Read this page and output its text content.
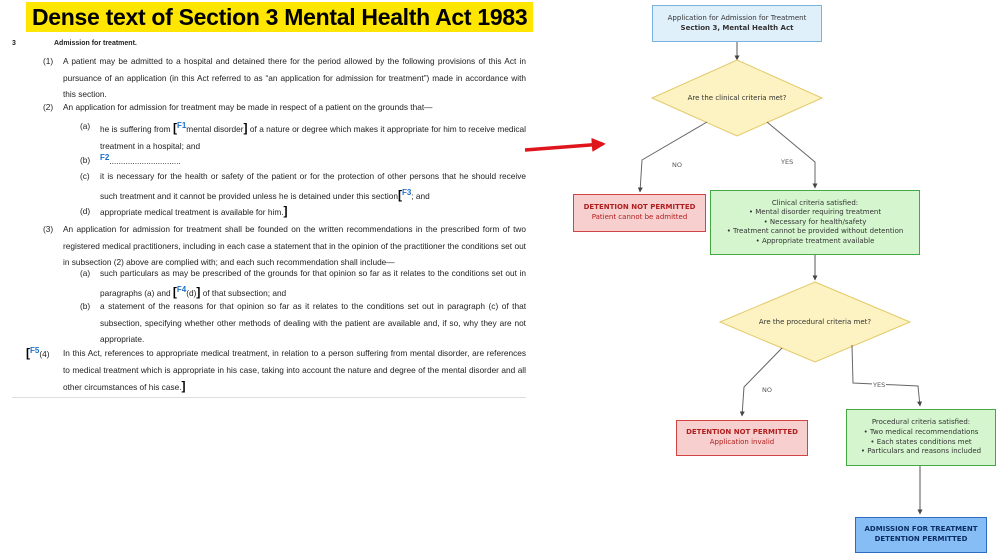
Dense text of Section 3 Mental Health Act 1983
3	Admission for treatment.
(1) A patient may be admitted to a hospital and detained there for the period allowed by the following provisions of this Act in pursuance of an application (in this Act referred to as “an application for admission for treatment”) made in accordance with this section.
(2) An application for admission for treatment may be made in respect of a patient on the grounds that—
(a) he is suffering from [F1mental disorder] of a nature or degree which makes it appropriate for him to receive medical treatment in a hospital; and
(b) F2...............................
(c) it is necessary for the health or safety of the patient or for the protection of other persons that he should receive such treatment and it cannot be provided unless he is detained under this section[F3; and
(d) appropriate medical treatment is available for him.]
(3) An application for admission for treatment shall be founded on the written recommendations in the prescribed form of two registered medical practitioners, including in each case a statement that in the opinion of the practitioner the conditions set out in subsection (2) above are complied with; and each such recommendation shall include—
(a) such particulars as may be prescribed of the grounds for that opinion so far as it relates to the conditions set out in paragraphs (a) and [F4(d)] of that subsection; and
(b) a statement of the reasons for that opinion so far as it relates to the conditions set out in paragraph (c) of that subsection, specifying whether other methods of dealing with the patient are available and, if so, why they are not appropriate.
[F5(4) In this Act, references to appropriate medical treatment, in relation to a person suffering from mental disorder, are references to medical treatment which is appropriate in his case, taking into account the nature and degree of the mental disorder and all other circumstances of his case.]
Application for Admission for Treatment
Section 3, Mental Health Act
Are the clinical criteria met?
NO	YES
DETENTION NOT PERMITTED
Patient cannot be admitted
Clinical criteria satisfied:
• Mental disorder requiring treatment
• Necessary for health/safety
• Treatment cannot be provided without detention
• Appropriate treatment available
Are the procedural criteria met?
NO
YES
DETENTION NOT PERMITTED
Application invalid
Procedural criteria satisfied:
• Two medical recommendations
• Each states conditions met
• Particulars and reasons included
ADMISSION FOR TREATMENT
DETENTION PERMITTED
